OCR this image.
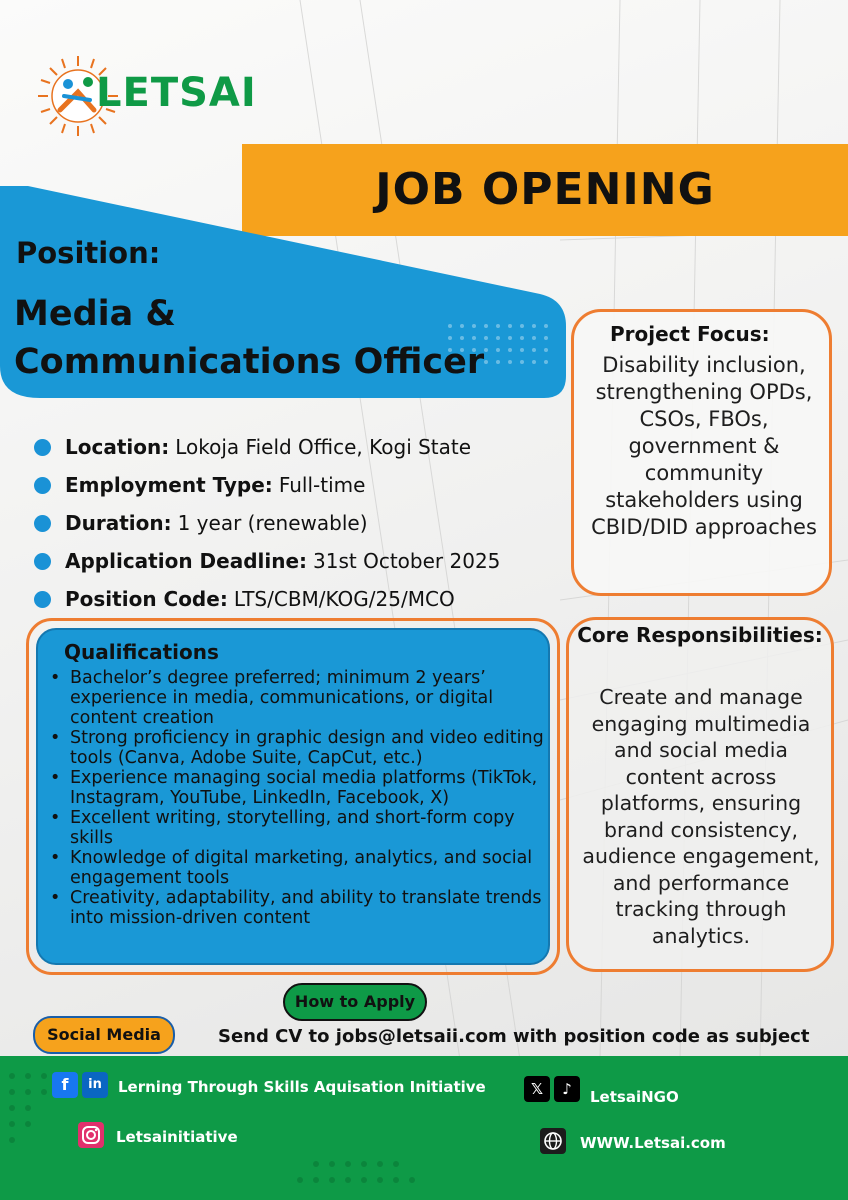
LETSAI
JOB OPENING
Position:
Media &
Communications Officer
Location: Lokoja Field Office, Kogi State
Employment Type: Full-time
Duration: 1 year (renewable)
Application Deadline: 31st October 2025
Position Code: LTS/CBM/KOG/25/MCO
Project Focus:
Disability inclusion, strengthening OPDs, CSOs, FBOs, government & community stakeholders using CBID/DID approaches
Qualifications
• Bachelor’s degree preferred; minimum 2 years’ experience in media, communications, or digital content creation
• Strong proficiency in graphic design and video editing tools (Canva, Adobe Suite, CapCut, etc.)
• Experience managing social media platforms (TikTok, Instagram, YouTube, LinkedIn, Facebook, X)
• Excellent writing, storytelling, and short-form copy skills
• Knowledge of digital marketing, analytics, and social engagement tools
• Creativity, adaptability, and ability to translate trends into mission-driven content
Core Responsibilities:
Create and manage engaging multimedia and social media content across platforms, ensuring brand consistency, audience engagement, and performance tracking through analytics.
How to Apply
Social Media	Send CV to jobs@letsaii.com with position code as subject
f	in	Lerning Through Skills Aquisation Initiative	𝕏	♪	LetsaiNGO
Letsainitiative	WWW.Letsai.com
